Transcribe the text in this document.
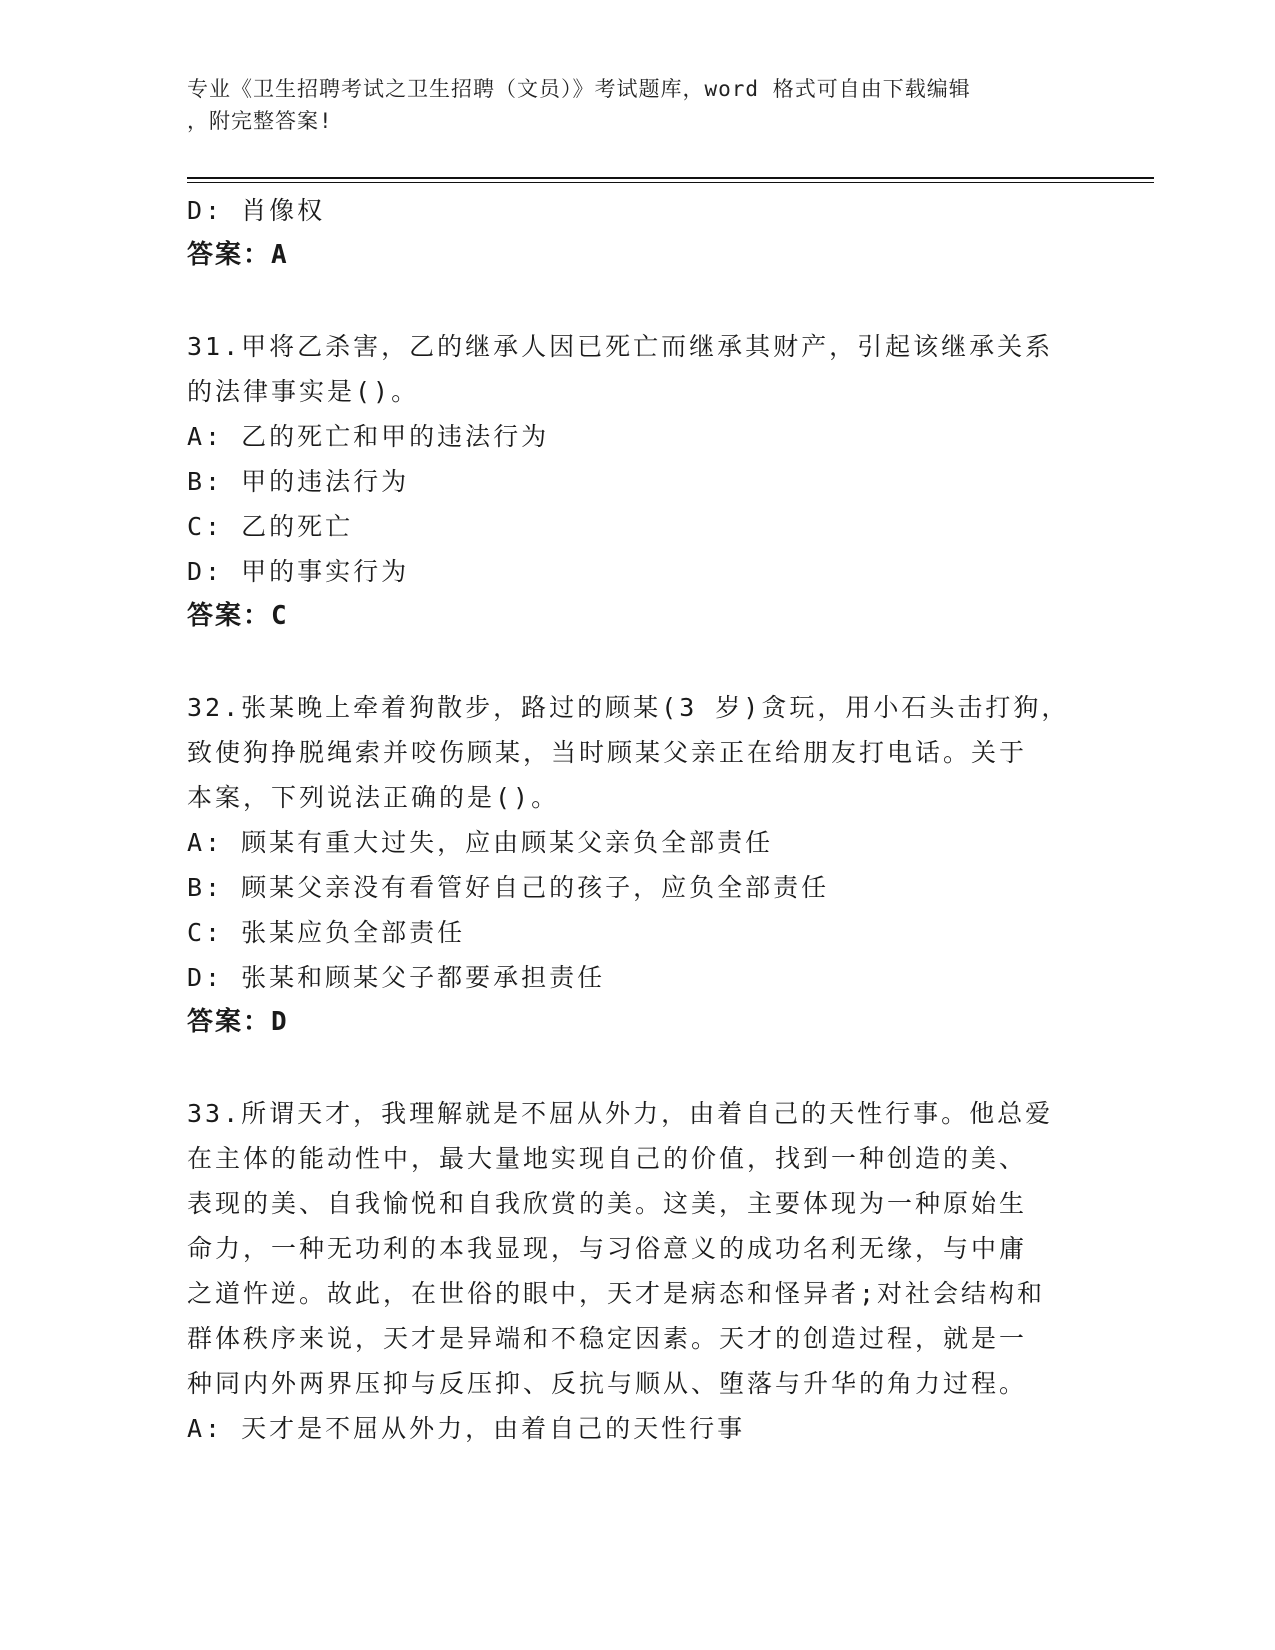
专业《卫生招聘考试之卫生招聘（文员）》考试题库，word 格式可自由下载编辑
，附完整答案!
D: 肖像权
答案：A
31.甲将乙杀害，乙的继承人因已死亡而继承其财产，引起该继承关系
的法律事实是()。
A: 乙的死亡和甲的违法行为
B: 甲的违法行为
C: 乙的死亡
D: 甲的事实行为
答案：C
32.张某晚上牵着狗散步，路过的顾某(3 岁)贪玩，用小石头击打狗，
致使狗挣脱绳索并咬伤顾某，当时顾某父亲正在给朋友打电话。关于
本案，下列说法正确的是()。
A: 顾某有重大过失，应由顾某父亲负全部责任
B: 顾某父亲没有看管好自己的孩子，应负全部责任
C: 张某应负全部责任
D: 张某和顾某父子都要承担责任
答案：D
33.所谓天才，我理解就是不屈从外力，由着自己的天性行事。他总爱
在主体的能动性中，最大量地实现自己的价值，找到一种创造的美、
表现的美、自我愉悦和自我欣赏的美。这美，主要体现为一种原始生
命力，一种无功利的本我显现，与习俗意义的成功名利无缘，与中庸
之道忤逆。故此，在世俗的眼中，天才是病态和怪异者;对社会结构和
群体秩序来说，天才是异端和不稳定因素。天才的创造过程，就是一
种同内外两界压抑与反压抑、反抗与顺从、堕落与升华的角力过程。
A: 天才是不屈从外力，由着自己的天性行事
